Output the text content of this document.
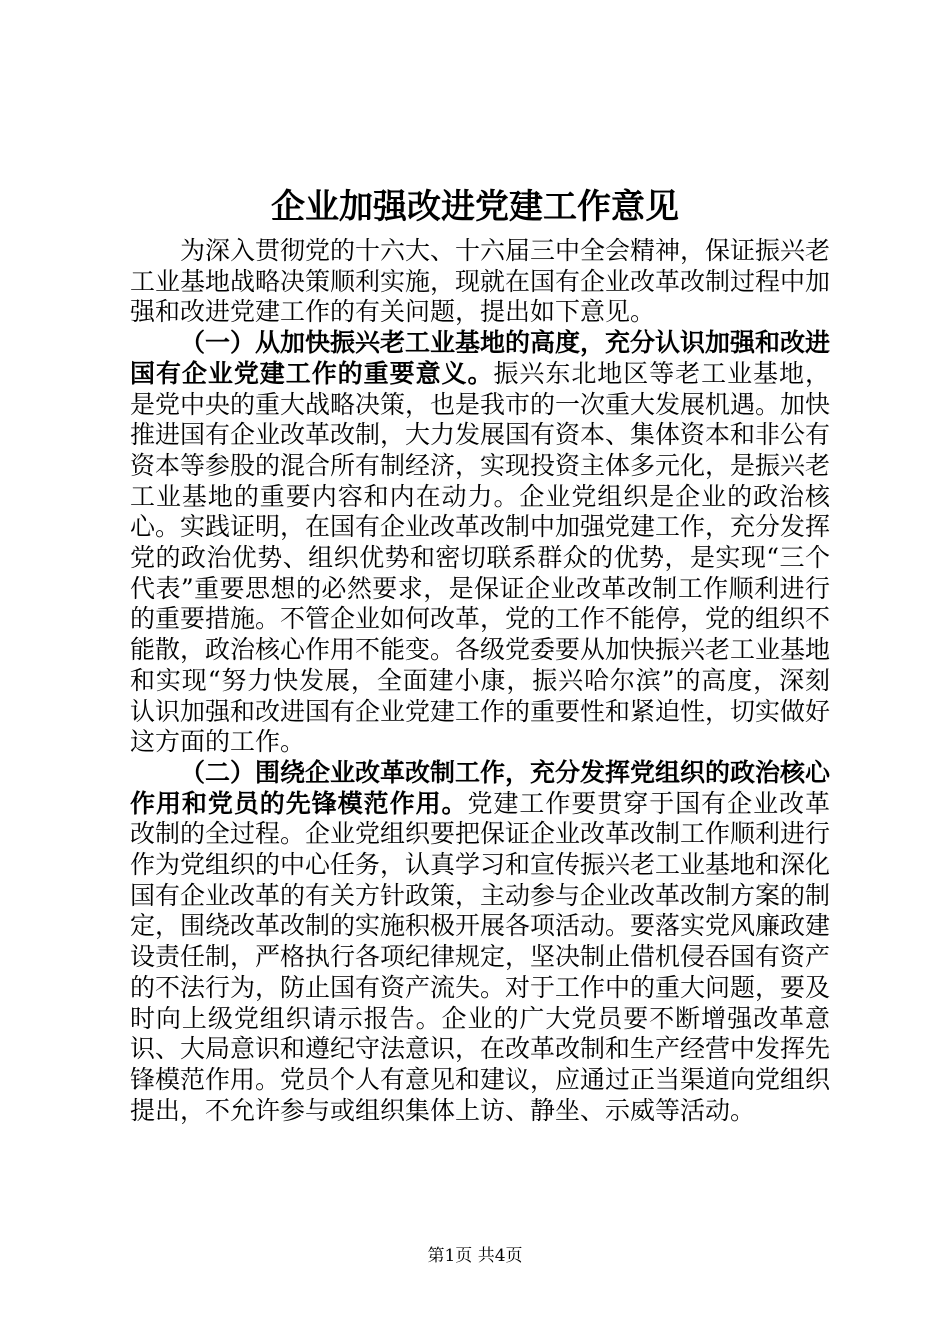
企业加强改进党建工作意见

为深入贯彻党的十六大、十六届三中全会精神，保证振兴老工业基地战略决策顺利实施，现就在国有企业改革改制过程中加强和改进党建工作的有关问题，提出如下意见。

（一）从加快振兴老工业基地的高度，充分认识加强和改进国有企业党建工作的重要意义。振兴东北地区等老工业基地，是党中央的重大战略决策，也是我市的一次重大发展机遇。加快推进国有企业改革改制，大力发展国有资本、集体资本和非公有资本等参股的混合所有制经济，实现投资主体多元化，是振兴老工业基地的重要内容和内在动力。企业党组织是企业的政治核心。实践证明，在国有企业改革改制中加强党建工作，充分发挥党的政治优势、组织优势和密切联系群众的优势，是实现“三个代表”重要思想的必然要求，是保证企业改革改制工作顺利进行的重要措施。不管企业如何改革，党的工作不能停，党的组织不能散，政治核心作用不能变。各级党委要从加快振兴老工业基地和实现“努力快发展，全面建小康，振兴哈尔滨”的高度，深刻认识加强和改进国有企业党建工作的重要性和紧迫性，切实做好这方面的工作。

（二）围绕企业改革改制工作，充分发挥党组织的政治核心作用和党员的先锋模范作用。党建工作要贯穿于国有企业改革改制的全过程。企业党组织要把保证企业改革改制工作顺利进行作为党组织的中心任务，认真学习和宣传振兴老工业基地和深化国有企业改革的有关方针政策，主动参与企业改革改制方案的制定，围绕改革改制的实施积极开展各项活动。要落实党风廉政建设责任制，严格执行各项纪律规定，坚决制止借机侵吞国有资产的不法行为，防止国有资产流失。对于工作中的重大问题，要及时向上级党组织请示报告。企业的广大党员要不断增强改革意识、大局意识和遵纪守法意识，在改革改制和生产经营中发挥先锋模范作用。党员个人有意见和建议，应通过正当渠道向党组织提出，不允许参与或组织集体上访、静坐、示威等活动。

第1页 共4页
